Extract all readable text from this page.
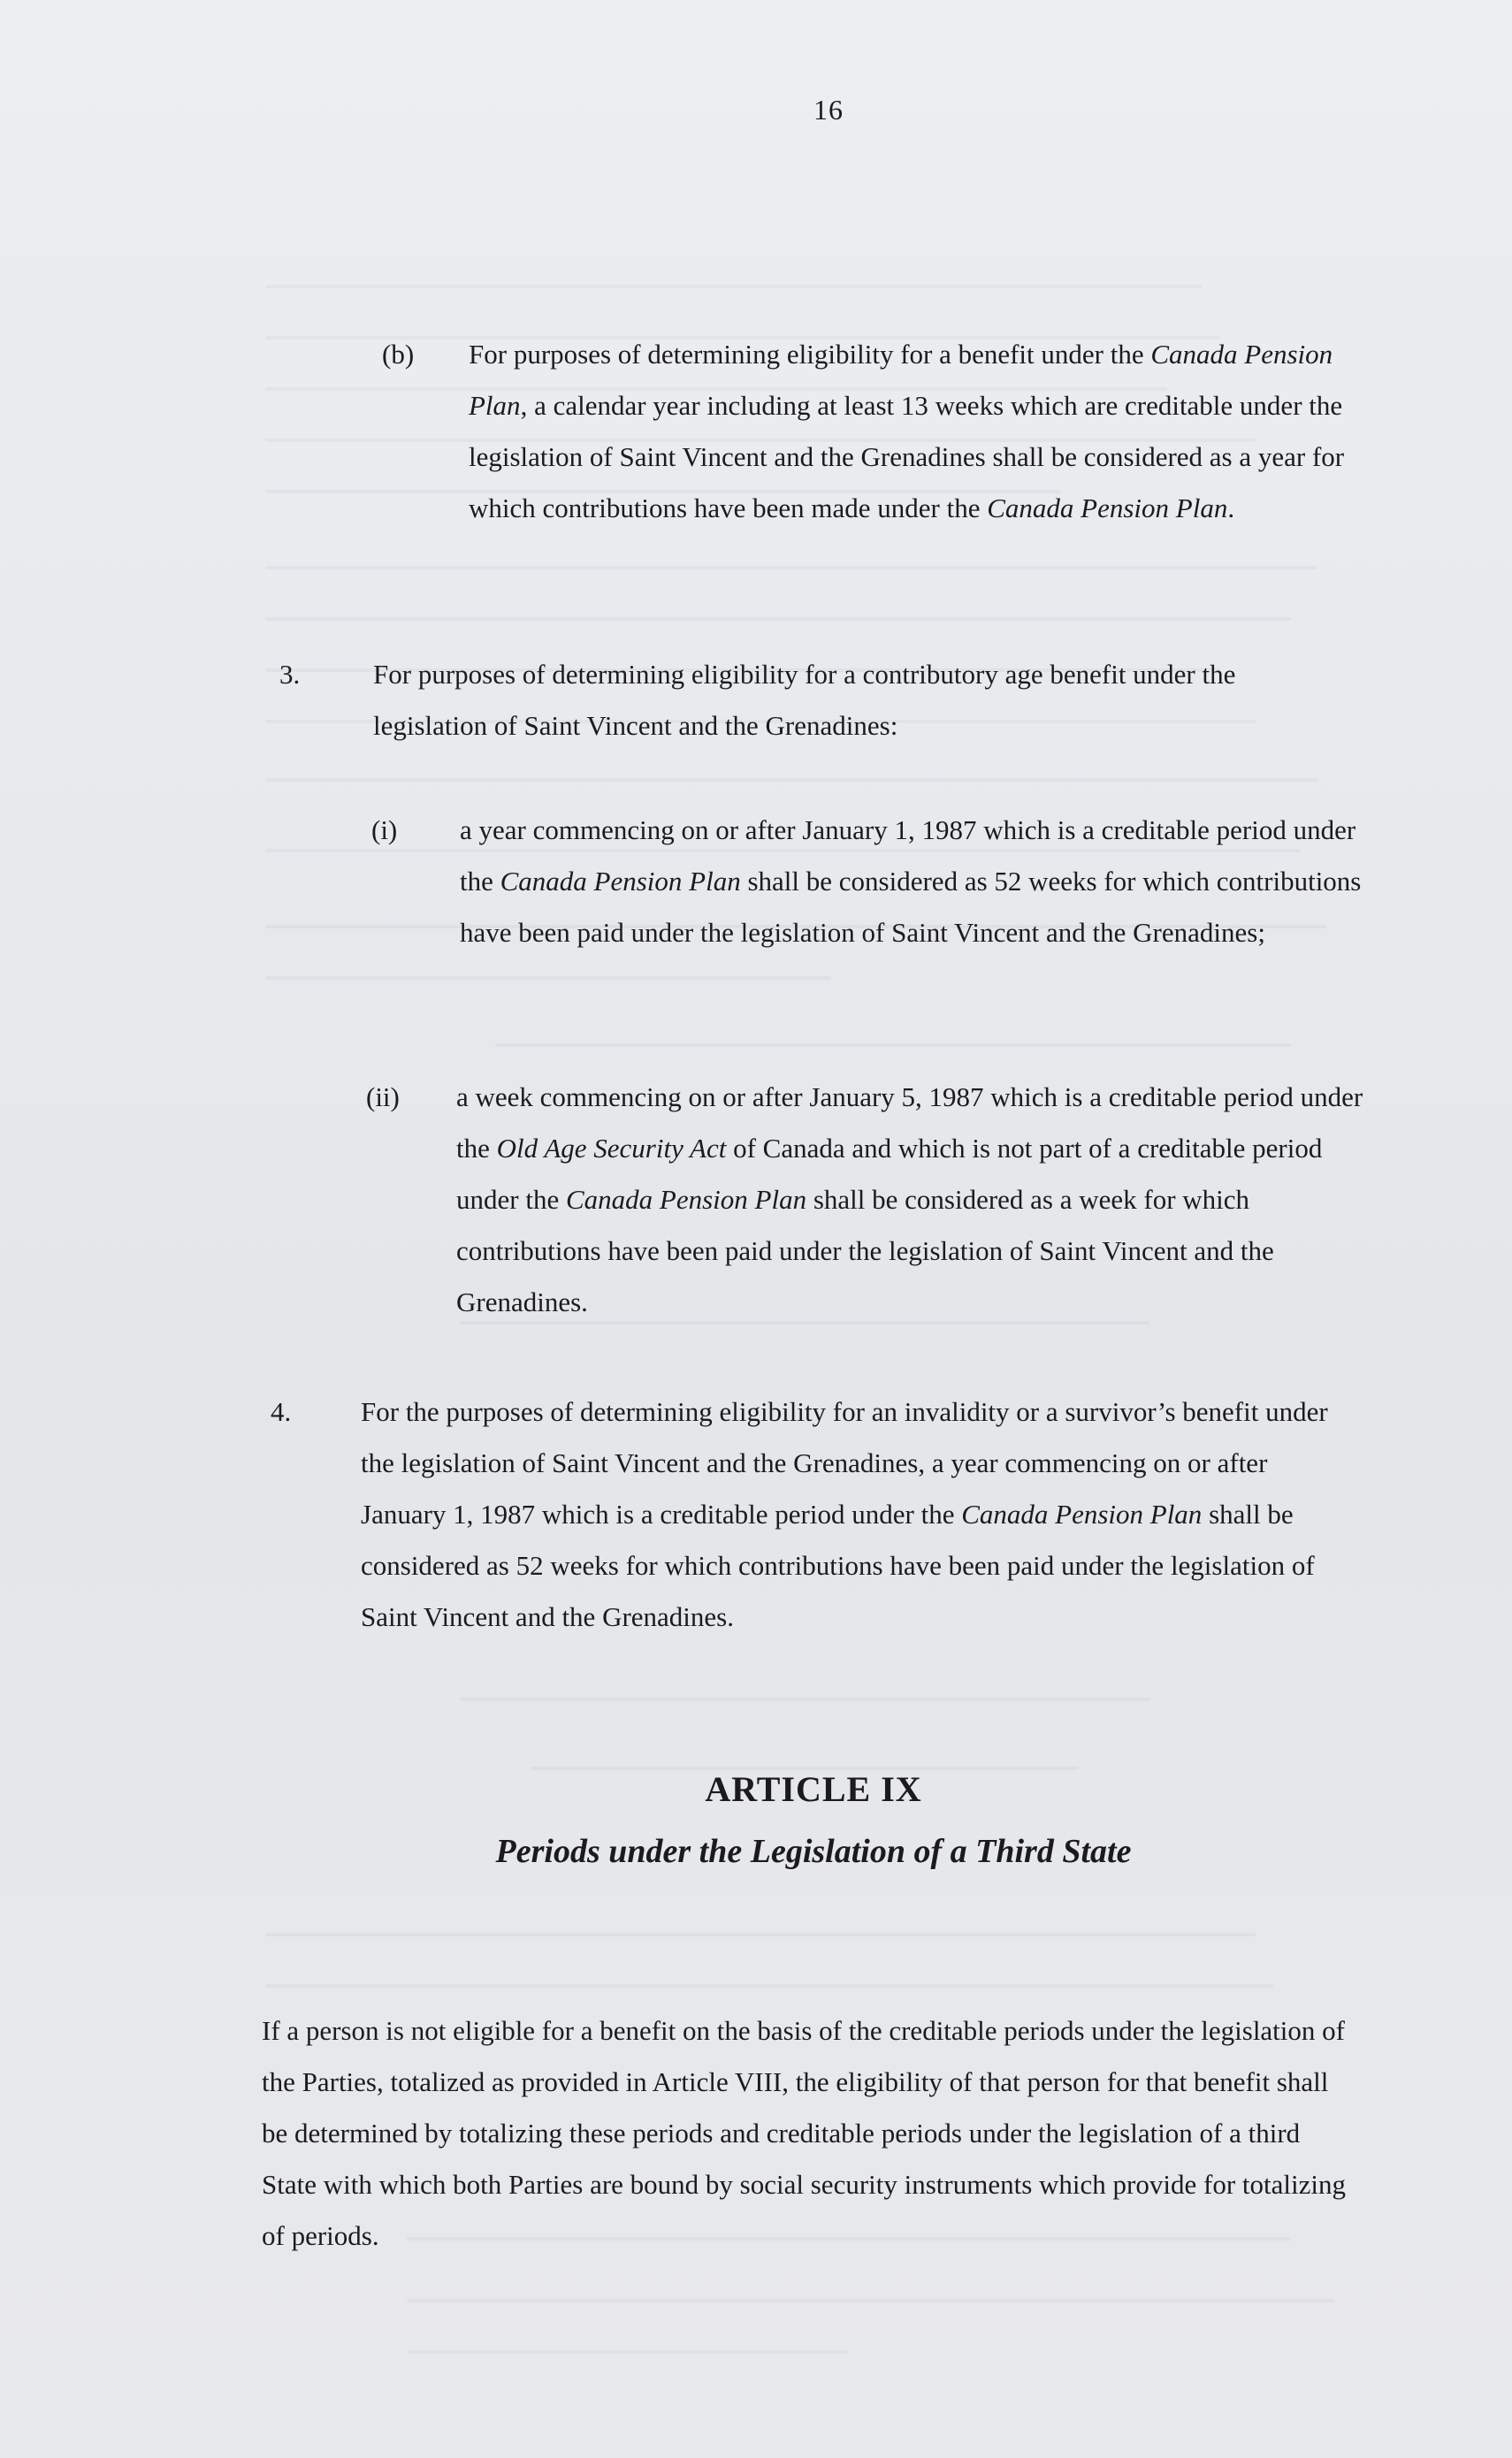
16
(b) For purposes of determining eligibility for a benefit under the Canada Pension Plan, a calendar year including at least 13 weeks which are creditable under the legislation of Saint Vincent and the Grenadines shall be considered as a year for which contributions have been made under the Canada Pension Plan.
3.	For purposes of determining eligibility for a contributory age benefit under the legislation of Saint Vincent and the Grenadines:
(i) a year commencing on or after January 1, 1987 which is a creditable period under the Canada Pension Plan shall be considered as 52 weeks for which contributions have been paid under the legislation of Saint Vincent and the Grenadines;
(ii) a week commencing on or after January 5, 1987 which is a creditable period under the Old Age Security Act of Canada and which is not part of a creditable period under the Canada Pension Plan shall be considered as a week for which contributions have been paid under the legislation of Saint Vincent and the Grenadines.
4.	For the purposes of determining eligibility for an invalidity or a survivor’s benefit under the legislation of Saint Vincent and the Grenadines, a year commencing on or after January 1, 1987 which is a creditable period under the Canada Pension Plan shall be considered as 52 weeks for which contributions have been paid under the legislation of Saint Vincent and the Grenadines.
ARTICLE IX
Periods under the Legislation of a Third State
If a person is not eligible for a benefit on the basis of the creditable periods under the legislation of the Parties, totalized as provided in Article VIII, the eligibility of that person for that benefit shall be determined by totalizing these periods and creditable periods under the legislation of a third State with which both Parties are bound by social security instruments which provide for totalizing of periods.
